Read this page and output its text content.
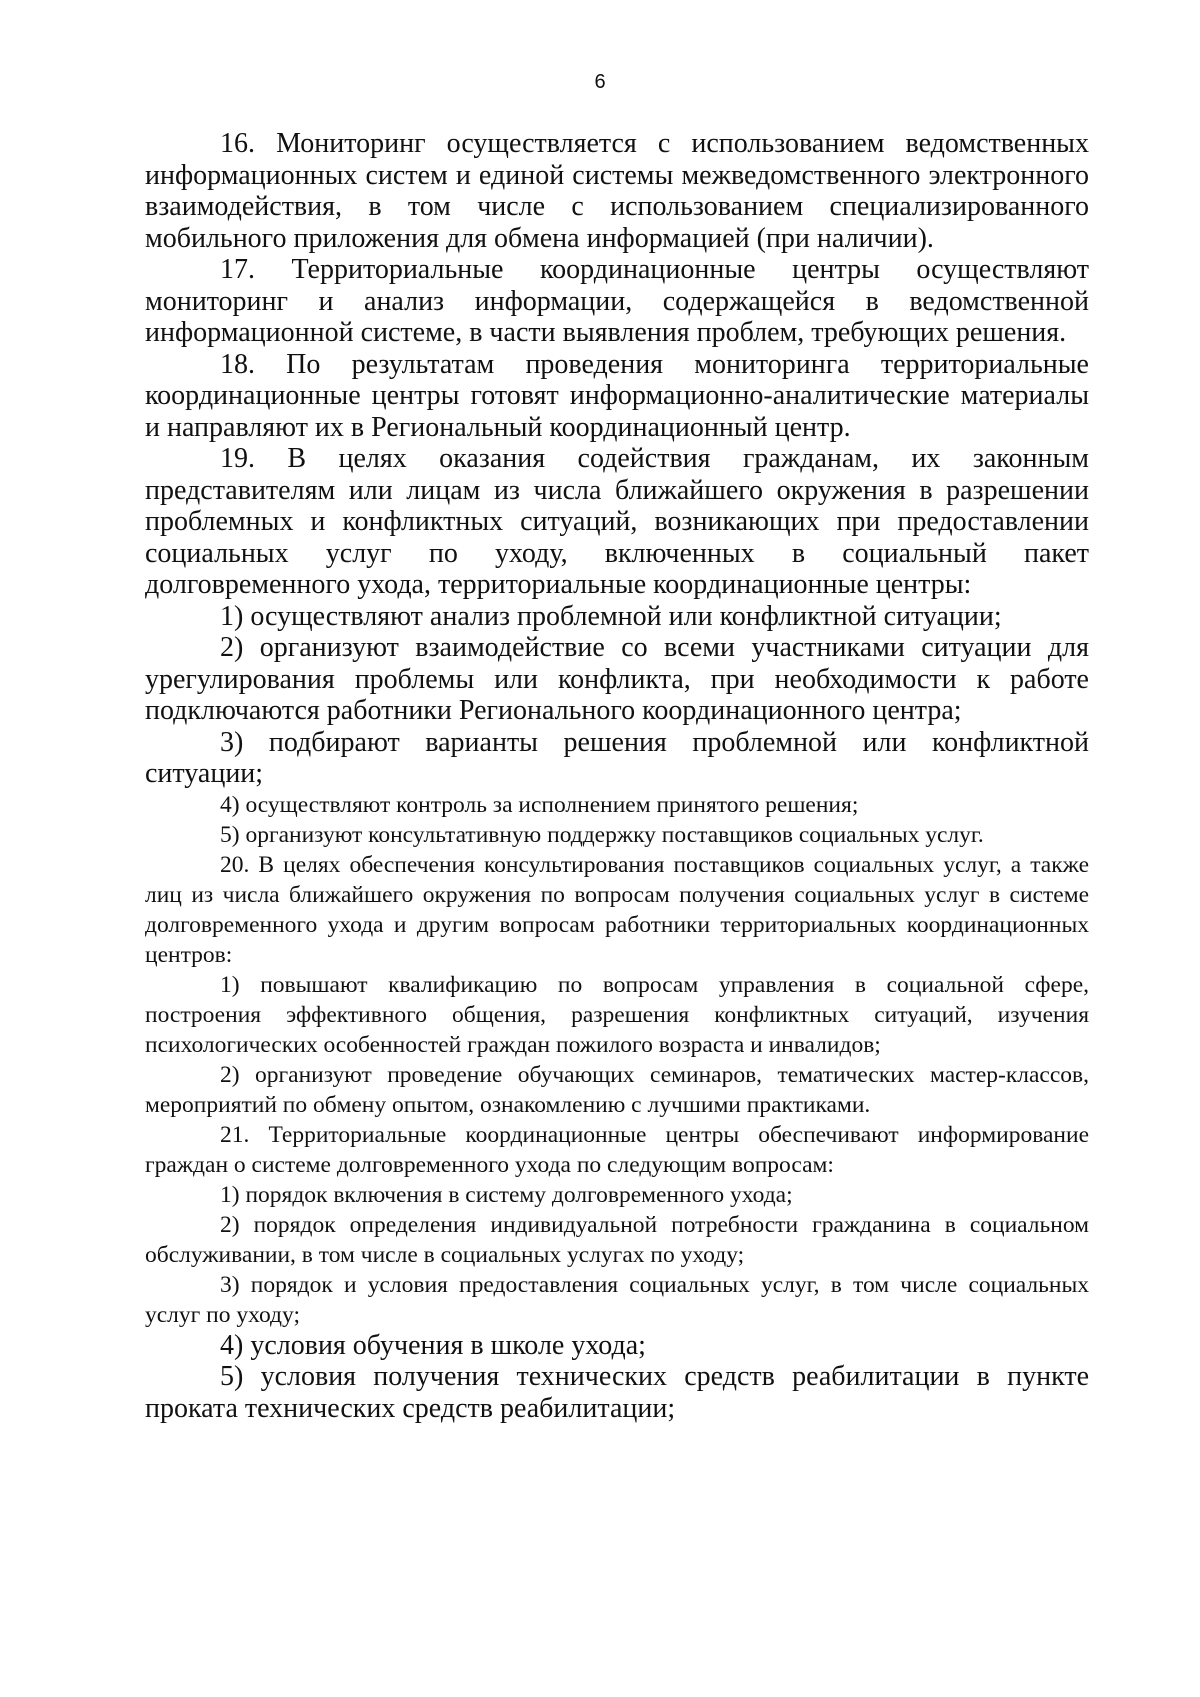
6

16. Мониторинг осуществляется с использованием ведомственных информационных систем и единой системы межведомственного электронного взаимодействия, в том числе с использованием специализированного мобильного приложения для обмена информацией (при наличии).

17. Территориальные координационные центры осуществляют мониторинг и анализ информации, содержащейся в ведомственной информационной системе, в части выявления проблем, требующих решения.

18. По результатам проведения мониторинга территориальные координационные центры готовят информационно-аналитические материалы и направляют их в Региональный координационный центр.

19. В целях оказания содействия гражданам, их законным представителям или лицам из числа ближайшего окружения в разрешении проблемных и конфликтных ситуаций, возникающих при предоставлении социальных услуг по уходу, включенных в социальный пакет долговременного ухода, территориальные координационные центры:

1) осуществляют анализ проблемной или конфликтной ситуации;

2) организуют взаимодействие со всеми участниками ситуации для урегулирования проблемы или конфликта, при необходимости к работе подключаются работники Регионального координационного центра;

3) подбирают варианты решения проблемной или конфликтной ситуации;

4) осуществляют контроль за исполнением принятого решения;

5) организуют консультативную поддержку поставщиков социальных услуг.

20. В целях обеспечения консультирования поставщиков социальных услуг, а также лиц из числа ближайшего окружения по вопросам получения социальных услуг в системе долговременного ухода и другим вопросам работники территориальных координационных центров:

1) повышают квалификацию по вопросам управления в социальной сфере, построения эффективного общения, разрешения конфликтных ситуаций, изучения психологических особенностей граждан пожилого возраста и инвалидов;

2) организуют проведение обучающих семинаров, тематических мастер-классов, мероприятий по обмену опытом, ознакомлению с лучшими практиками.

21. Территориальные координационные центры обеспечивают информирование граждан о системе долговременного ухода по следующим вопросам:

1) порядок включения в систему долговременного ухода;

2) порядок определения индивидуальной потребности гражданина в социальном обслуживании, в том числе в социальных услугах по уходу;

3) порядок и условия предоставления социальных услуг, в том числе социальных услуг по уходу;

4) условия обучения в школе ухода;

5) условия получения технических средств реабилитации в пункте проката технических средств реабилитации;
